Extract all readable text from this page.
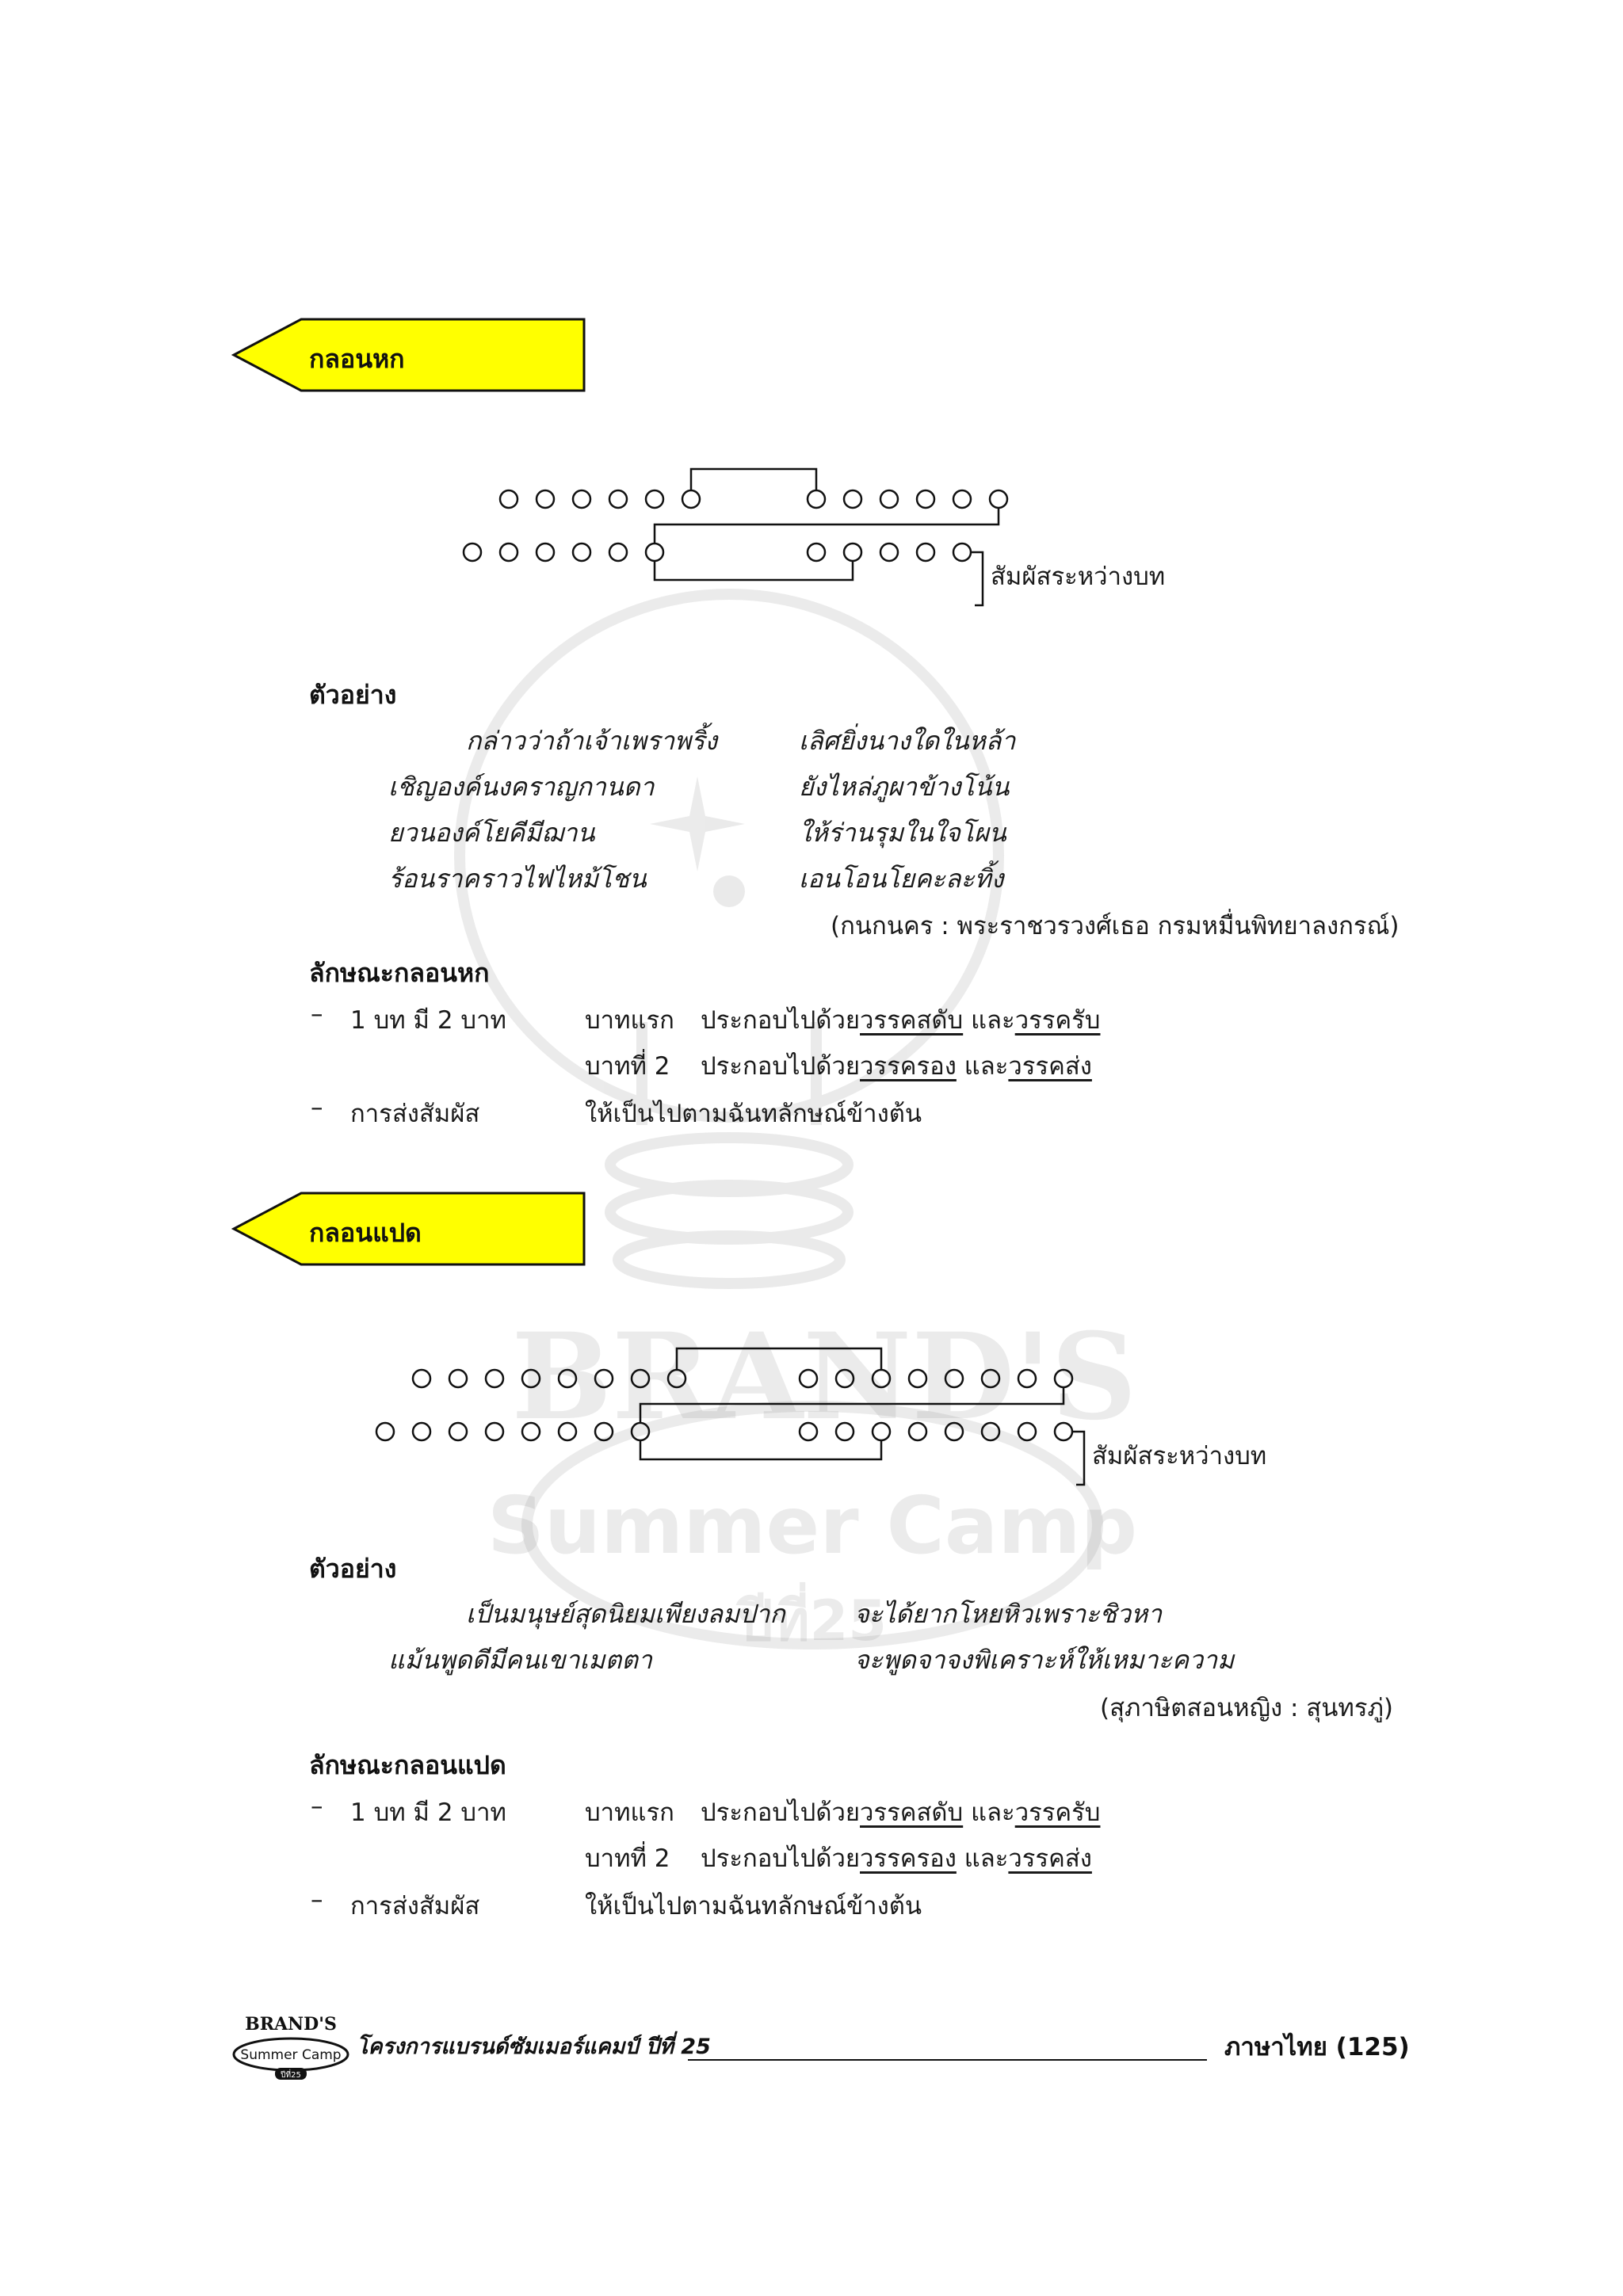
BRAND'S
Summer Camp
ปีที่25
กลอนหก
สัมผัสระหว่างบท
ตัวอย่าง
กล่าวว่าถ้าเจ้าเพราพริ้ง	เลิศยิ่งนางใดในหล้า
เชิญองค์นงคราญกานดา	ยังไหล่ภูผาข้างโน้น
ยวนองค์โยคีมีฌาน	ให้ร่านรุมในใจโผน
ร้อนราคราวไฟไหม้โชน	เอนโอนโยคะละทิ้ง
(กนกนคร : พระราชวรวงศ์เธอ กรมหมื่นพิทยาลงกรณ์)
ลักษณะกลอนหก
– 1 บท มี 2 บาท	บาทแรก ประกอบไปด้วยวรรคสดับ และวรรครับ
บาทที่ 2 ประกอบไปด้วยวรรครอง และวรรคส่ง
– การส่งสัมผัส	ให้เป็นไปตามฉันทลักษณ์ข้างต้น
กลอนแปด
สัมผัสระหว่างบท
ตัวอย่าง
เป็นมนุษย์สุดนิยมเพียงลมปาก	จะได้ยากโหยหิวเพราะชิวหา
แม้นพูดดีมีคนเขาเมตตา	จะพูดจาจงพิเคราะห์ให้เหมาะความ
(สุภาษิตสอนหญิง : สุนทรภู่)
ลักษณะกลอนแปด
– 1 บท มี 2 บาท	บาทแรก ประกอบไปด้วยวรรคสดับ และวรรครับ
บาทที่ 2 ประกอบไปด้วยวรรครอง และวรรคส่ง
– การส่งสัมผัส	ให้เป็นไปตามฉันทลักษณ์ข้างต้น
BRAND'S
Summer Camp
ปีที่25
โครงการแบรนด์ซัมเมอร์แคมป์ ปีที่ 25	ภาษาไทย (125)
